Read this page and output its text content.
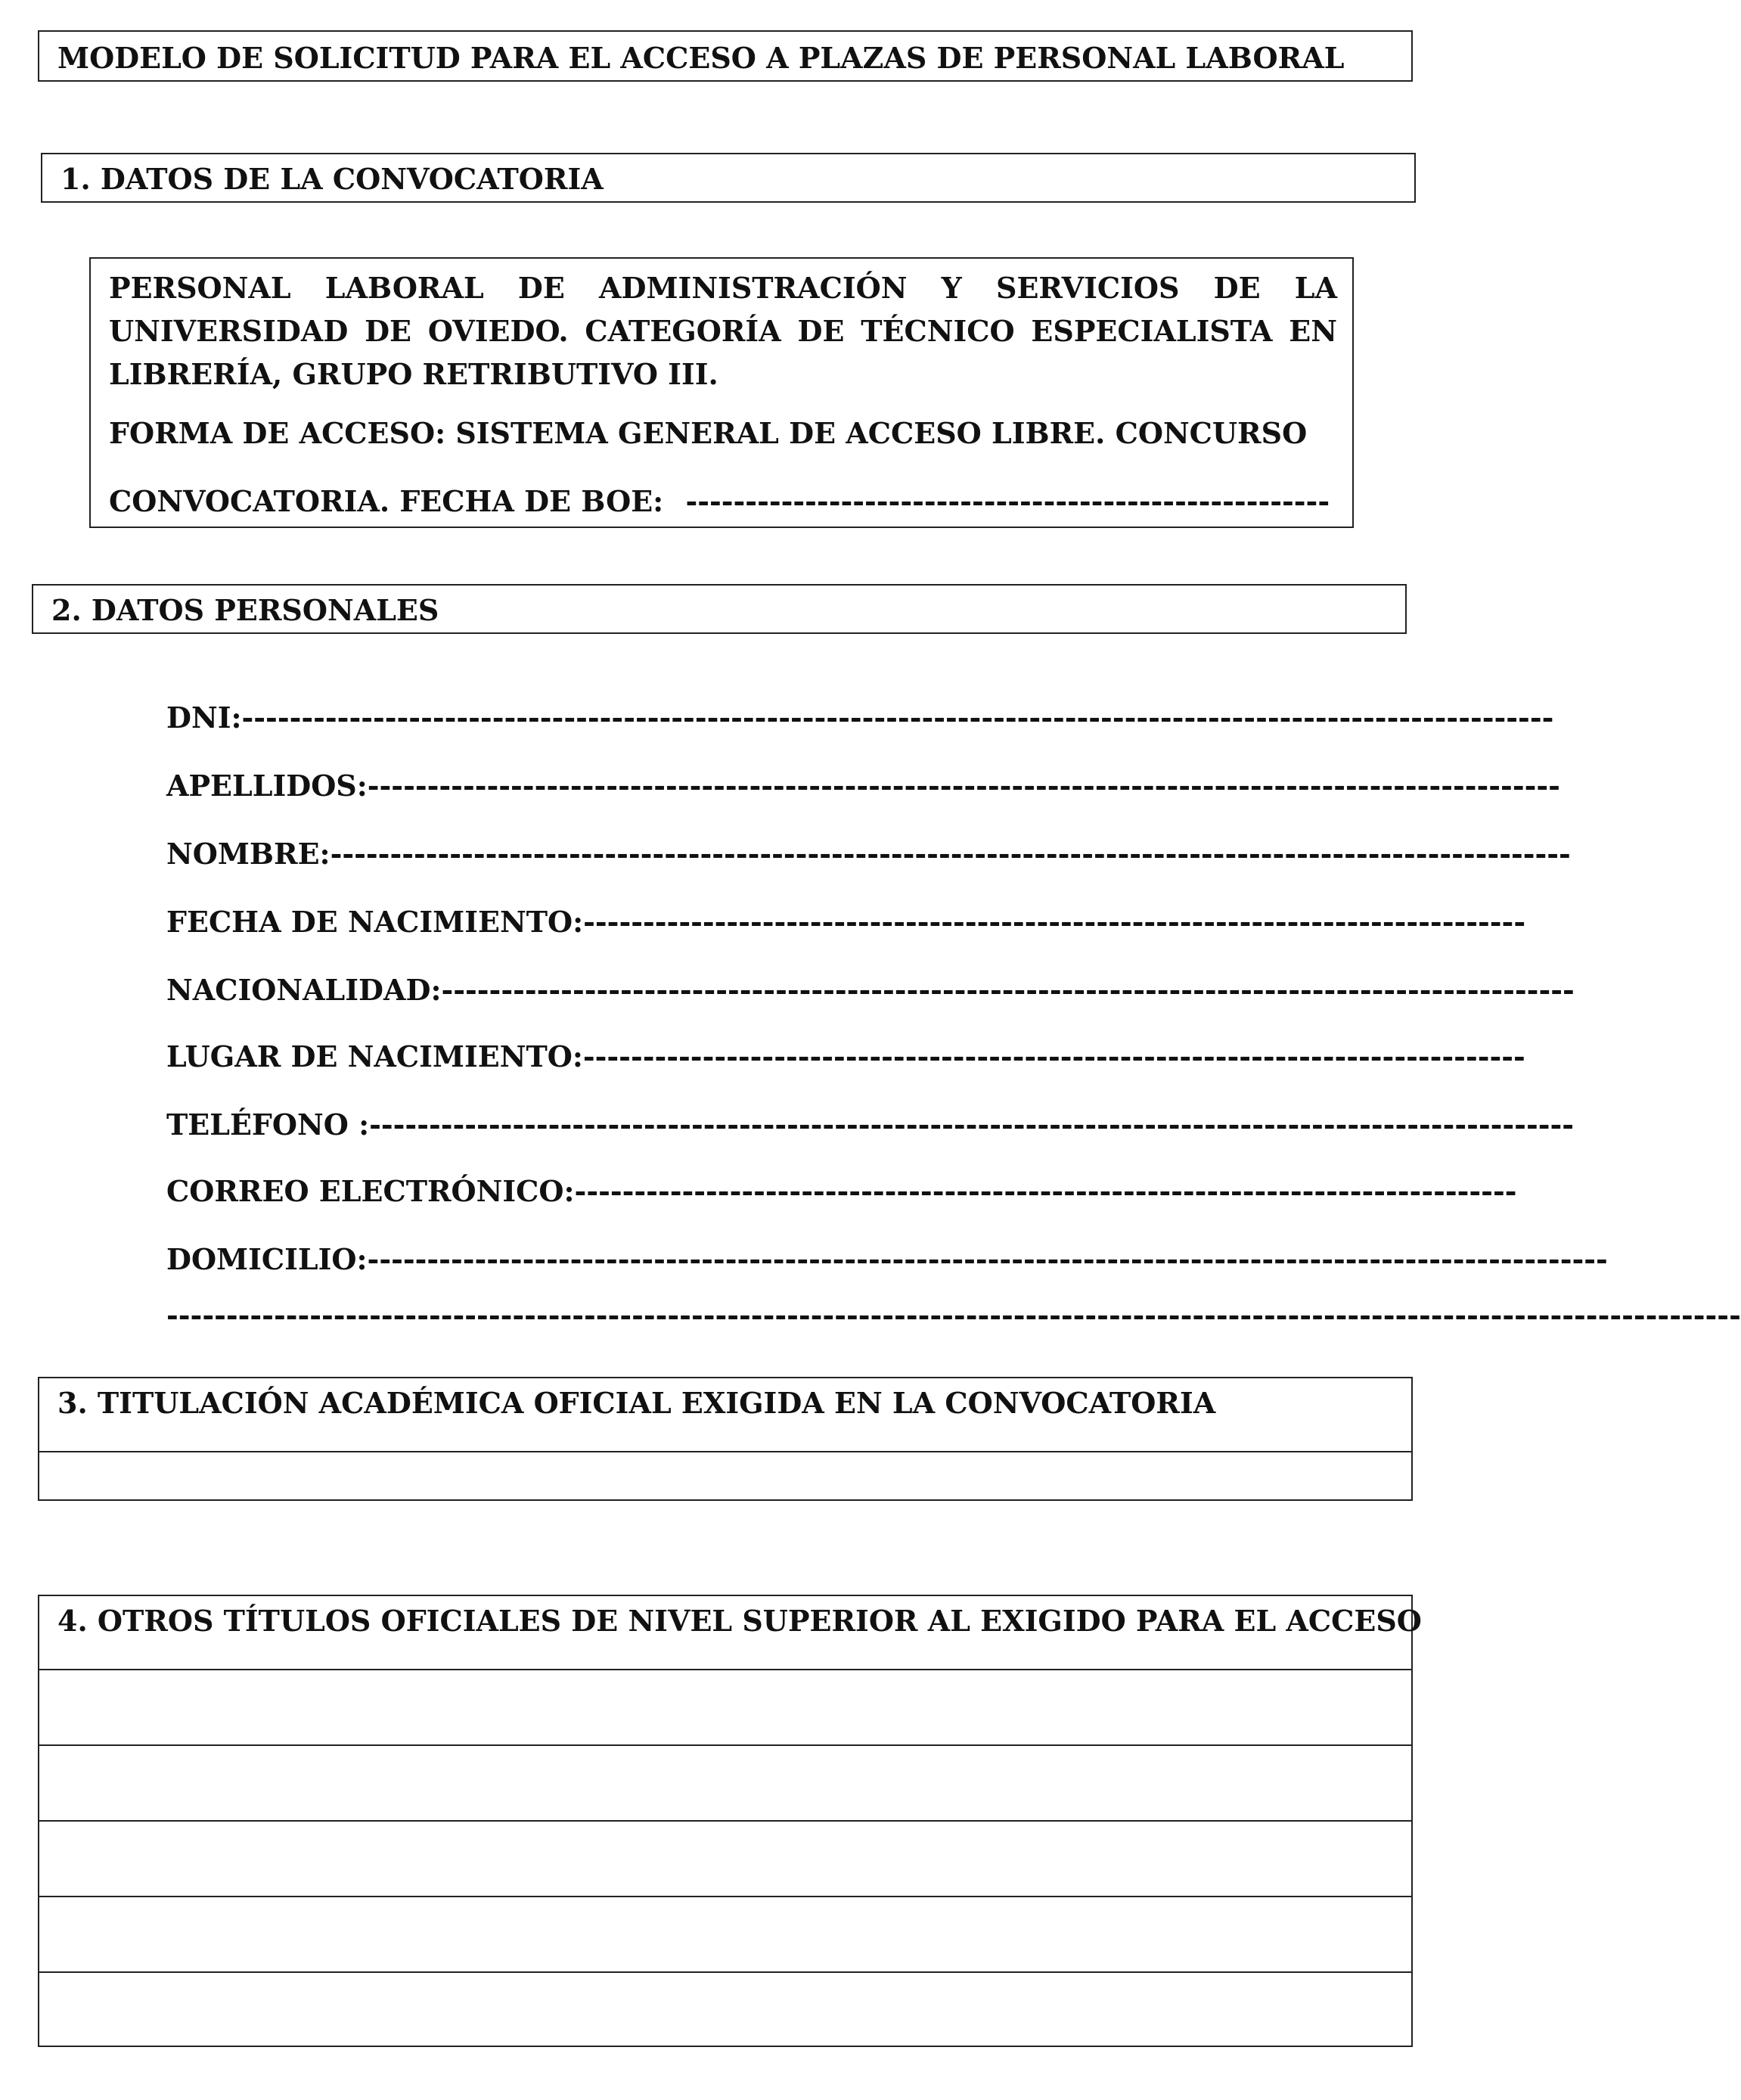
MODELO DE SOLICITUD PARA EL ACCESO A PLAZAS DE PERSONAL LABORAL
1. DATOS DE LA CONVOCATORIA
PERSONAL LABORAL DE ADMINISTRACIÓN Y SERVICIOS DE LA UNIVERSIDAD DE OVIEDO. CATEGORÍA DE TÉCNICO ESPECIALISTA EN LIBRERÍA, GRUPO RETRIBUTIVO III.
FORMA DE ACCESO: SISTEMA GENERAL DE ACCESO LIBRE. CONCURSO
CONVOCATORIA. FECHA DE BOE: ------------------------------------------------------
2. DATOS PERSONALES
DNI:--------------------------------------------------------------------------------------------------------------
APELLIDOS:----------------------------------------------------------------------------------------------------
NOMBRE:--------------------------------------------------------------------------------------------------------
FECHA DE NACIMIENTO:-------------------------------------------------------------------------------
NACIONALIDAD:-----------------------------------------------------------------------------------------------
LUGAR DE NACIMIENTO:-------------------------------------------------------------------------------
TELÉFONO :-----------------------------------------------------------------------------------------------------
CORREO ELECTRÓNICO:-------------------------------------------------------------------------------
DOMICILIO:--------------------------------------------------------------------------------------------------------
------------------------------------------------------------------------------------------------------------------------------------
3. TITULACIÓN ACADÉMICA OFICIAL EXIGIDA EN LA CONVOCATORIA
4. OTROS TÍTULOS OFICIALES DE NIVEL SUPERIOR AL EXIGIDO PARA EL ACCESO
